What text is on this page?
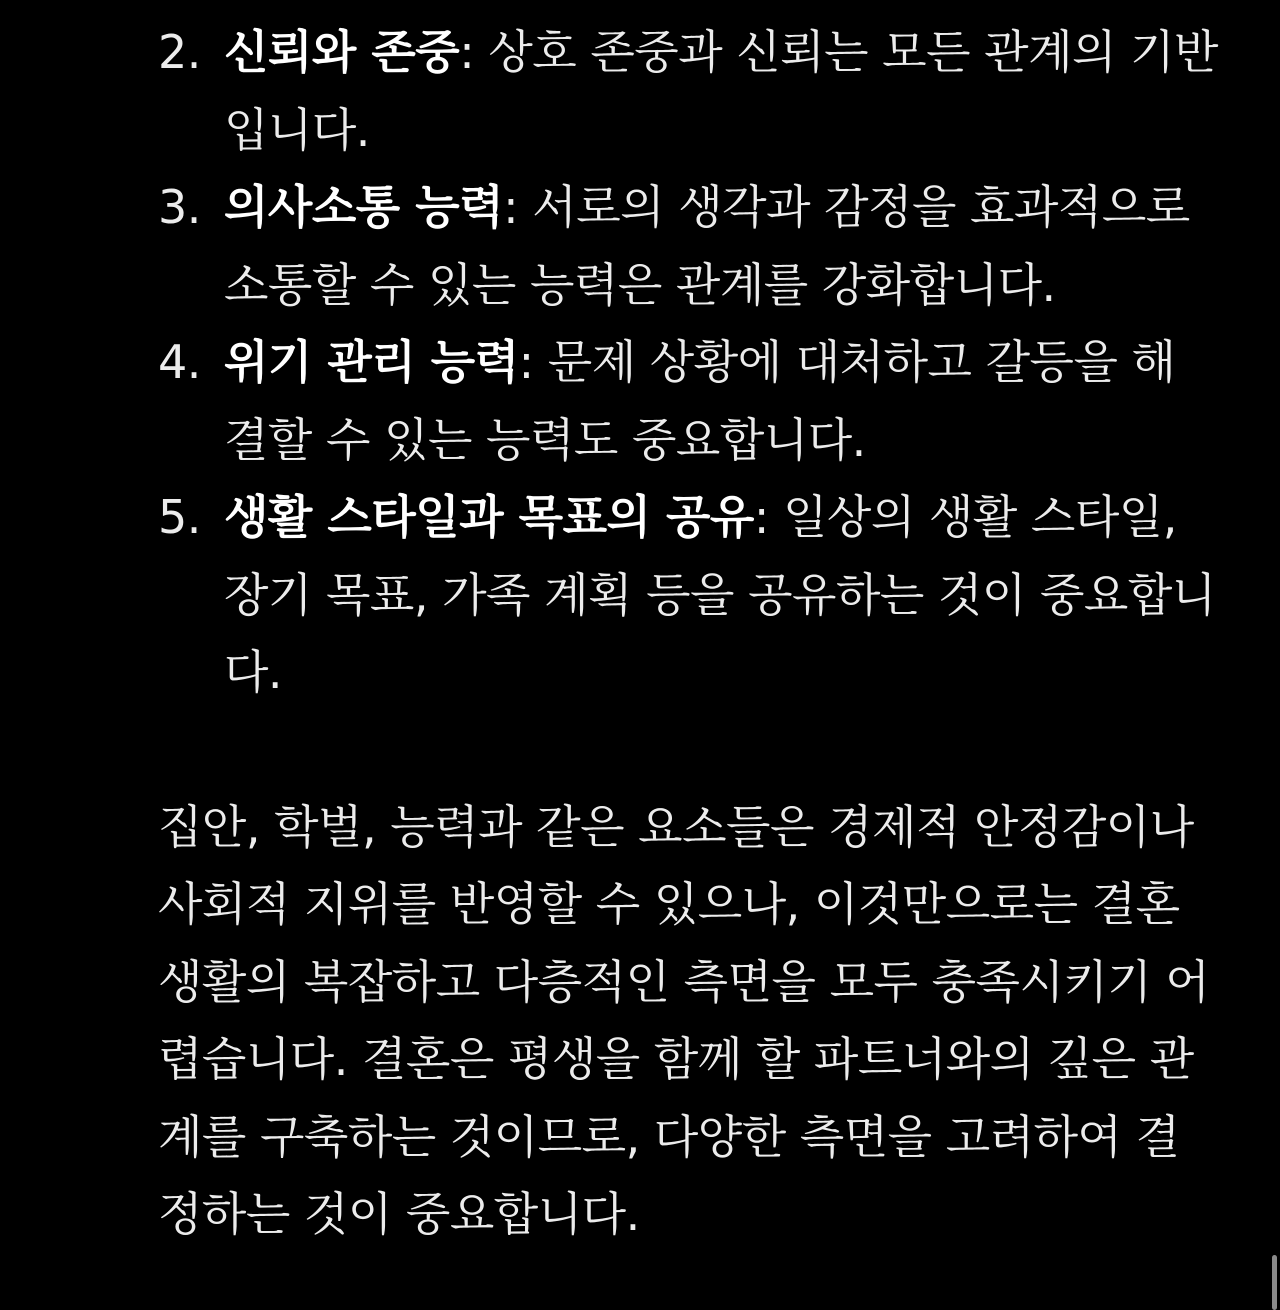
2. 신뢰와 존중: 상호 존중과 신뢰는 모든 관계의 기반입니다.
3. 의사소통 능력: 서로의 생각과 감정을 효과적으로 소통할 수 있는 능력은 관계를 강화합니다.
4. 위기 관리 능력: 문제 상황에 대처하고 갈등을 해결할 수 있는 능력도 중요합니다.
5. 생활 스타일과 목표의 공유: 일상의 생활 스타일, 장기 목표, 가족 계획 등을 공유하는 것이 중요합니다.

집안, 학벌, 능력과 같은 요소들은 경제적 안정감이나 사회적 지위를 반영할 수 있으나, 이것만으로는 결혼 생활의 복잡하고 다층적인 측면을 모두 충족시키기 어렵습니다. 결혼은 평생을 함께 할 파트너와의 깊은 관계를 구축하는 것이므로, 다양한 측면을 고려하여 결정하는 것이 중요합니다.
